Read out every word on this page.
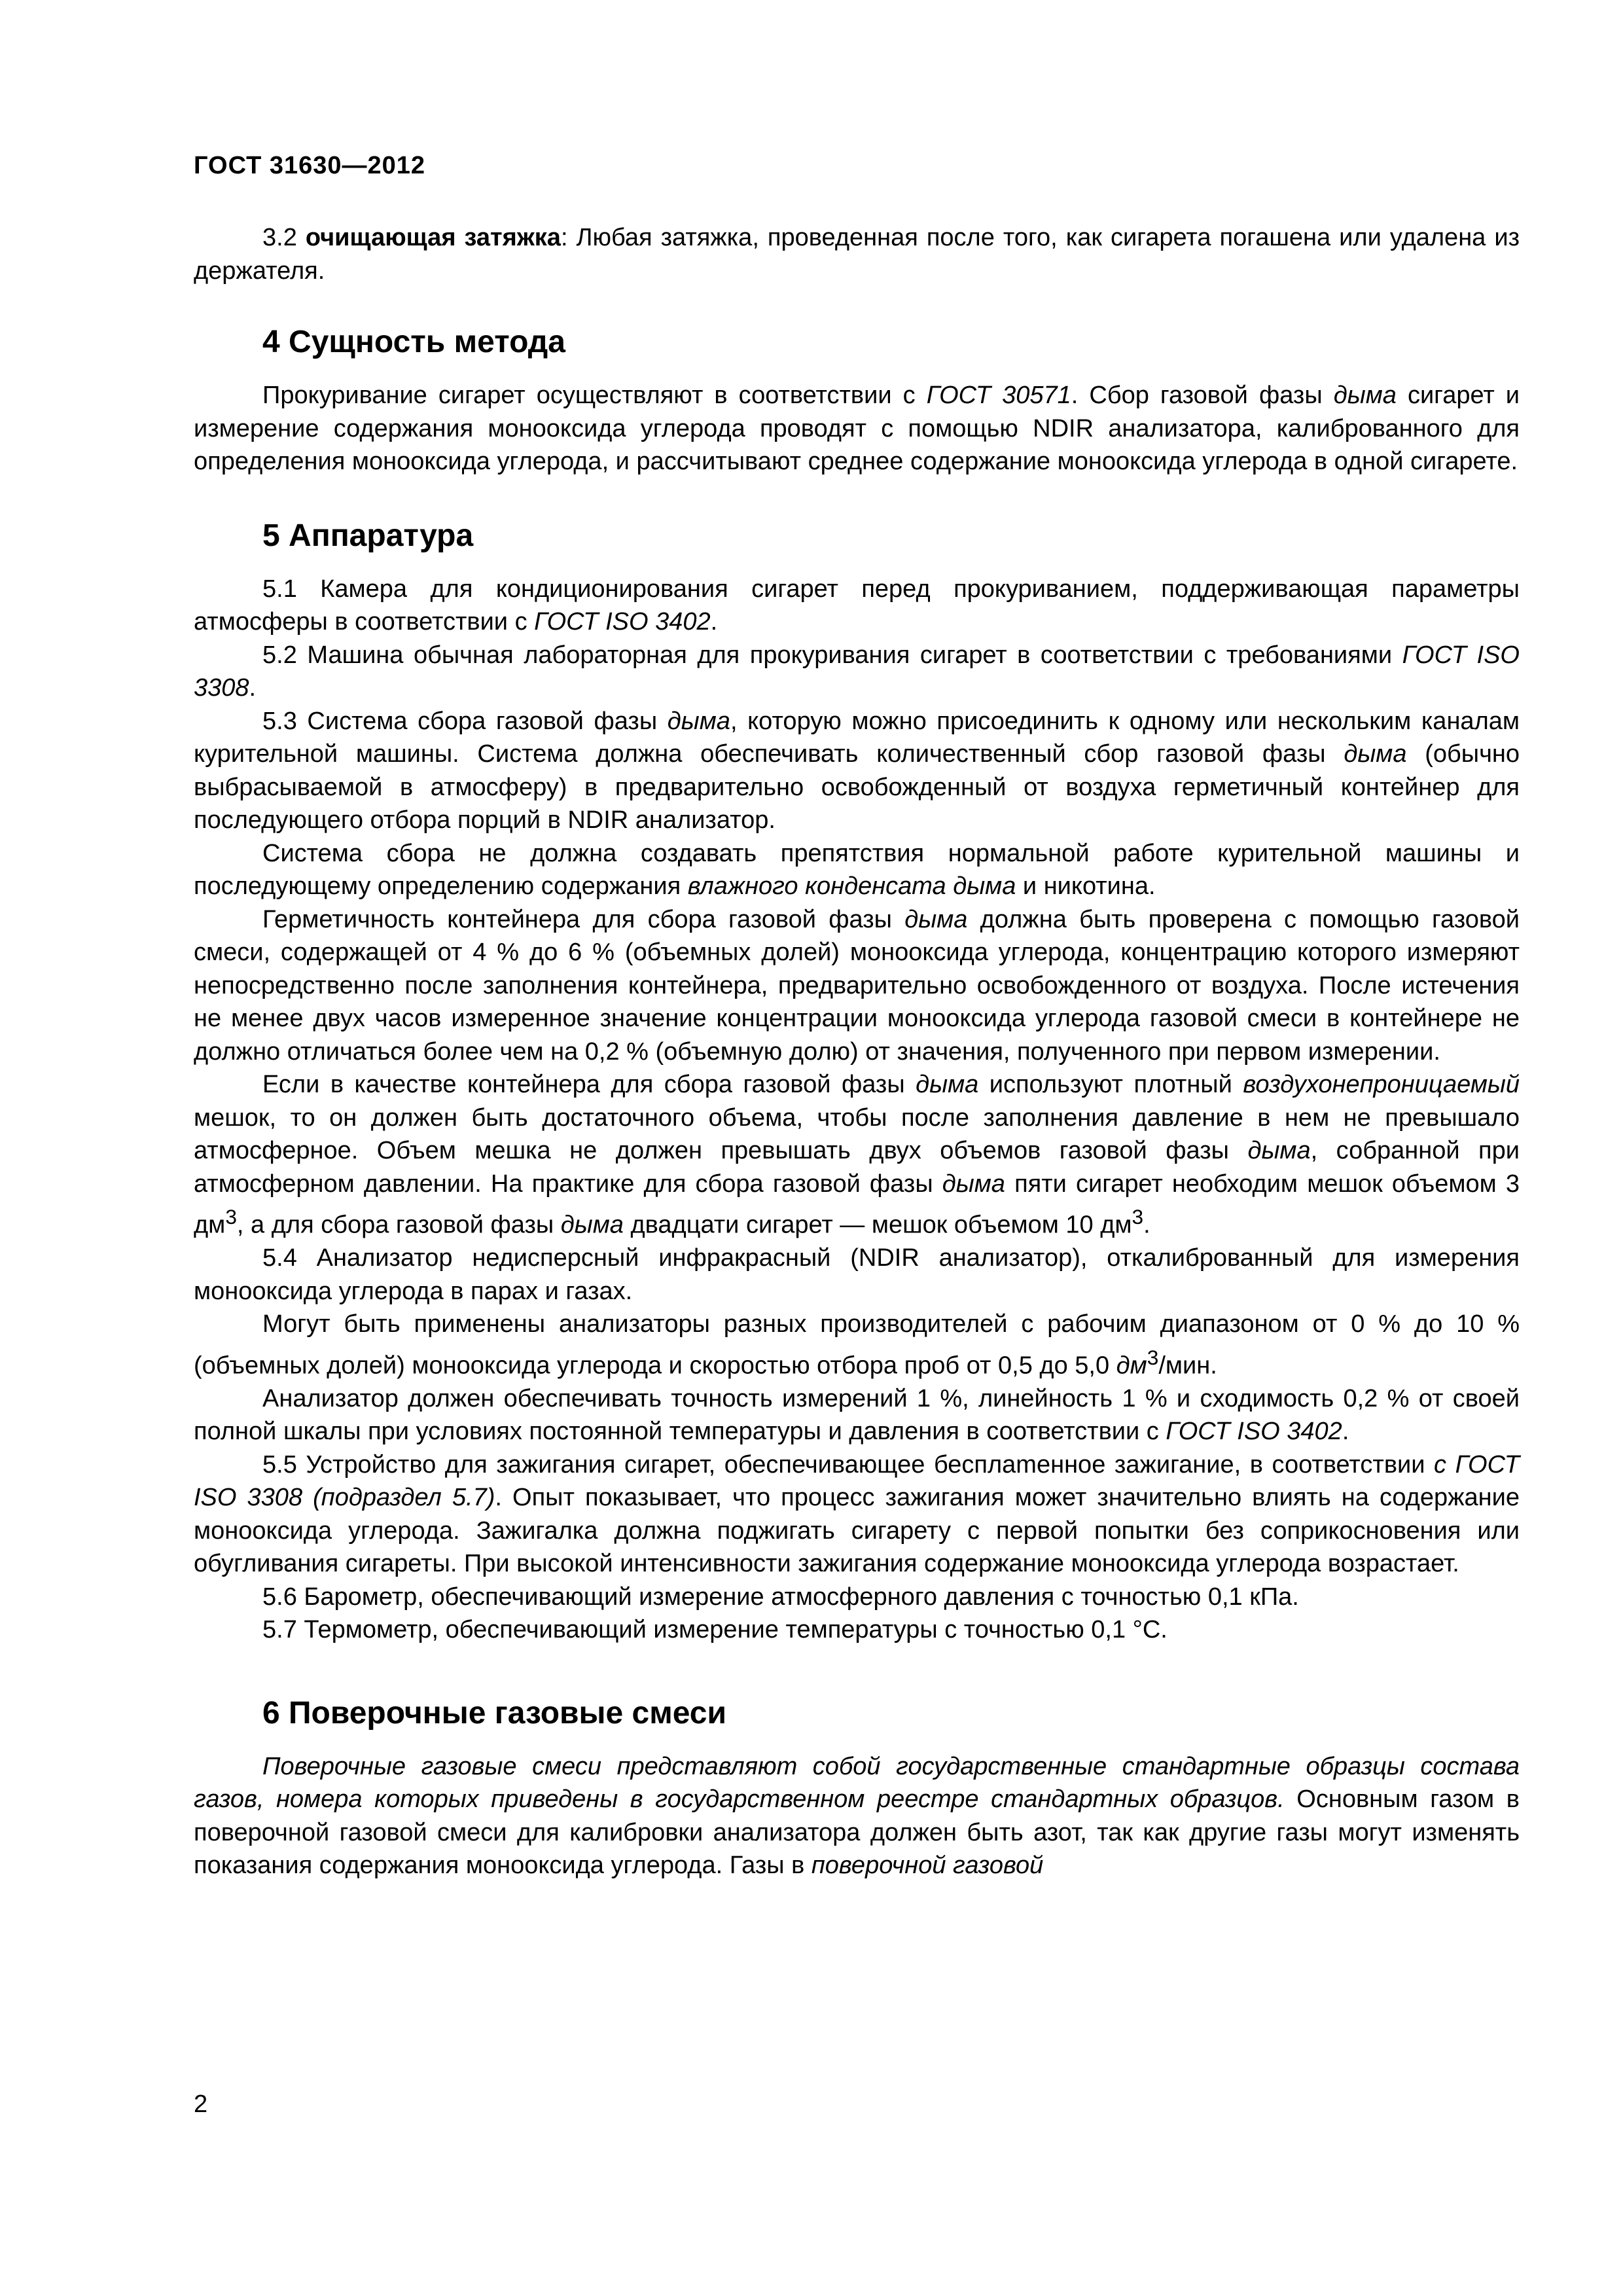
ГОСТ 31630—2012

3.2 очищающая затяжка: Любая затяжка, проведенная после того, как сигарета погашена или удалена из держателя.

4 Сущность метода

Прокуривание сигарет осуществляют в соответствии с ГОСТ 30571. Сбор газовой фазы дыма сигарет и измерение содержания монооксида углерода проводят с помощью NDIR анализатора, калиброванного для определения монооксида углерода, и рассчитывают среднее содержание монооксида углерода в одной сигарете.

5 Аппаратура

5.1 Камера для кондиционирования сигарет перед прокуриванием, поддерживающая параметры атмосферы в соответствии с ГОСТ ISO 3402.

5.2 Машина обычная лабораторная для прокуривания сигарет в соответствии с требованиями ГОСТ ISO 3308.

5.3 Система сбора газовой фазы дыма, которую можно присоединить к одному или нескольким каналам курительной машины. Система должна обеспечивать количественный сбор газовой фазы дыма (обычно выбрасываемой в атмосферу) в предварительно освобожденный от воздуха герметичный контейнер для последующего отбора порций в NDIR анализатор.

Система сбора не должна создавать препятствия нормальной работе курительной машины и последующему определению содержания влажного конденсата дыма и никотина.

Герметичность контейнера для сбора газовой фазы дыма должна быть проверена с помощью газовой смеси, содержащей от 4 % до 6 % (объемных долей) монооксида углерода, концентрацию которого измеряют непосредственно после заполнения контейнера, предварительно освобожденного от воздуха. После истечения не менее двух часов измеренное значение концентрации монооксида углерода газовой смеси в контейнере не должно отличаться более чем на 0,2 % (объемную долю) от значения, полученного при первом измерении.

Если в качестве контейнера для сбора газовой фазы дыма используют плотный воздухонепроницаемый мешок, то он должен быть достаточного объема, чтобы после заполнения давление в нем не превышало атмосферное. Объем мешка не должен превышать двух объемов газовой фазы дыма, собранной при атмосферном давлении. На практике для сбора газовой фазы дыма пяти сигарет необходим мешок объемом 3 $дм^3$, а для сбора газовой фазы дыма двадцати сигарет — мешок объемом 10 $дм^3$.

5.4 Анализатор недисперсный инфракрасный (NDIR анализатор), откалиброванный для измерения монооксида углерода в парах и газах.

Могут быть применены анализаторы разных производителей с рабочим диапазоном от 0 % до 10 % (объемных долей) монооксида углерода и скоростью отбора проб от 0,5 до 5,0 $дм^3$/мин.

Анализатор должен обеспечивать точность измерений 1 %, линейность 1 % и сходимость 0,2 % от своей полной шкалы при условиях постоянной температуры и давления в соответствии с ГОСТ ISO 3402.

5.5 Устройство для зажигания сигарет, обеспечивающее бесплameнное зажигание, в соответствии с ГОСТ ISO 3308 (подраздел 5.7). Опыт показывает, что процесс зажигания может значительно влиять на содержание монооксида углерода. Зажигалка должна поджигать сигарету с первой попытки без соприкосновения или обугливания сигареты. При высокой интенсивности зажигания содержание монооксида углерода возрастает.

5.6 Барометр, обеспечивающий измерение атмосферного давления с точностью 0,1 кПа.

5.7 Термометр, обеспечивающий измерение температуры с точностью 0,1 °С.

6 Поверочные газовые смеси

Поверочные газовые смеси представляют собой государственные стандартные образцы состава газов, номера которых приведены в государственном реестре стандартных образцов. Основным газом в поверочной газовой смеси для калибровки анализатора должен быть азот, так как другие газы могут изменять показания содержания монооксида углерода. Газы в поверочной газовой

2
